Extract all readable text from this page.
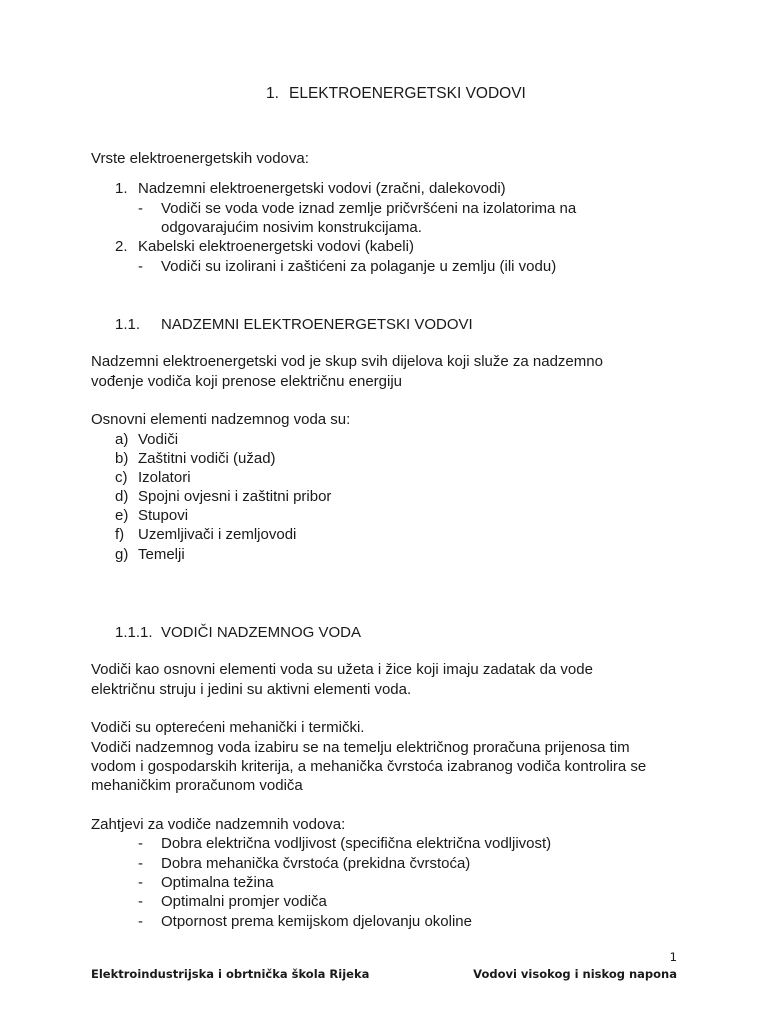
1. ELEKTROENERGETSKI VODOVI
Vrste elektroenergetskih vodova:
1. Nadzemni elektroenergetski vodovi (zračni, dalekovodi)
- Vodiči se voda vode iznad zemlje pričvršćeni na izolatorima na
odgovarajućim nosivim konstrukcijama.
2. Kabelski elektroenergetski vodovi (kabeli)
- Vodiči su izolirani i zaštićeni za polaganje u zemlju (ili vodu)
1.1. NADZEMNI ELEKTROENERGETSKI VODOVI
Nadzemni elektroenergetski vod je skup svih dijelova koji služe za nadzemno
vođenje vodiča koji prenose električnu energiju
Osnovni elementi nadzemnog voda su:
a) Vodiči
b) Zaštitni vodiči (užad)
c) Izolatori
d) Spojni ovjesni i zaštitni pribor
e) Stupovi
f) Uzemljivači i zemljovodi
g) Temelji
1.1.1. VODIČI NADZEMNOG VODA
Vodiči kao osnovni elementi voda su užeta i žice koji imaju zadatak da vode
električnu struju i jedini su aktivni elementi voda.
Vodiči su opterećeni mehanički i termički.
Vodiči nadzemnog voda izabiru se na temelju električnog proračuna prijenosa tim
vodom i gospodarskih kriterija, a mehanička čvrstoća izabranog vodiča kontrolira se
mehaničkim proračunom vodiča
Zahtjevi za vodiče nadzemnih vodova:
- Dobra električna vodljivost (specifična električna vodljivost)
- Dobra mehanička čvrstoća (prekidna čvrstoća)
- Optimalna težina
- Optimalni promjer vodiča
- Otpornost prema kemijskom djelovanju okoline
1
Elektroindustrijska i obrtnička škola Rijeka	Vodovi visokog i niskog napona
